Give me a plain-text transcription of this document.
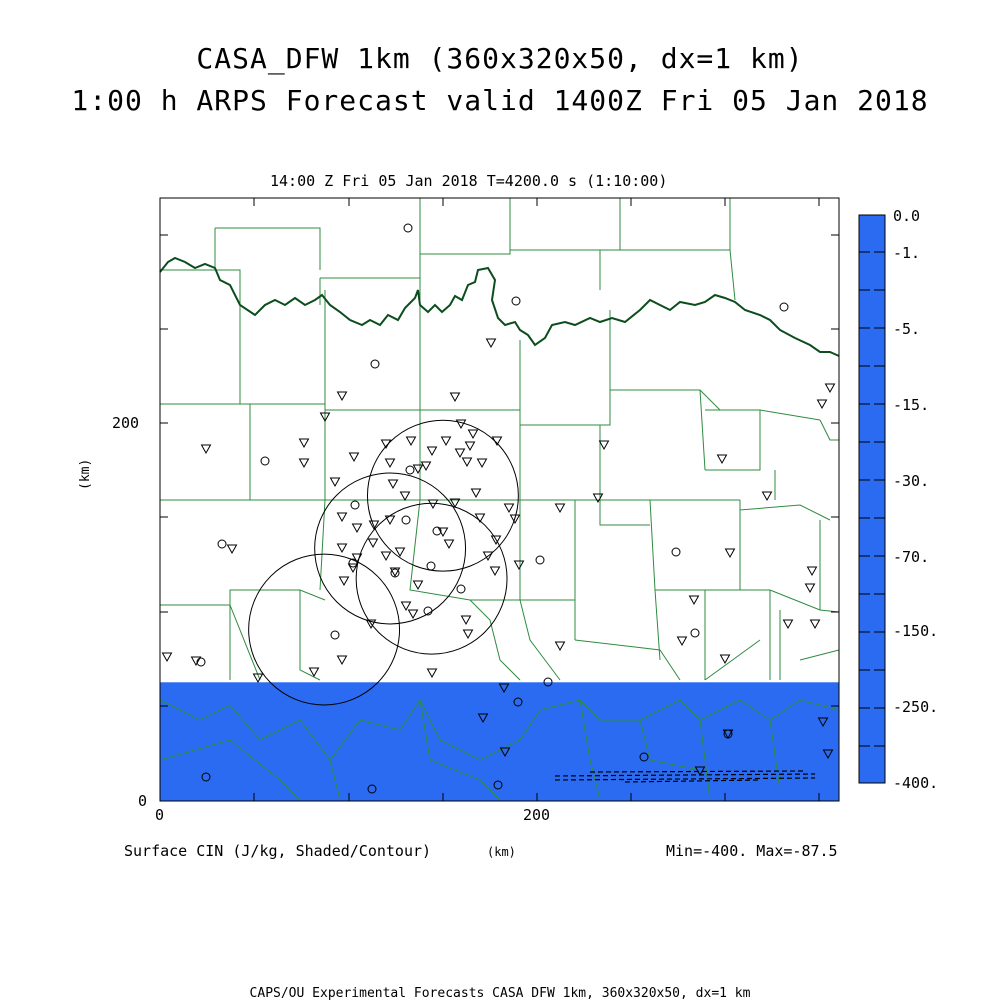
CASA_DFW 1km (360x320x50, dx=1 km)
1:00 h ARPS Forecast valid 1400Z Fri 05 Jan 2018
14:00 Z Fri 05 Jan 2018 T=4200.0 s (1:10:00)
200
0
0	200
(km)
0.0
-1.
-5.
-15.
-30.
-70.
-150.
-250.
-400.
Surface CIN (J/kg, Shaded/Contour)	(km)	Min=-400. Max=-87.5
CAPS/OU Experimental Forecasts CASA DFW 1km, 360x320x50, dx=1 km
